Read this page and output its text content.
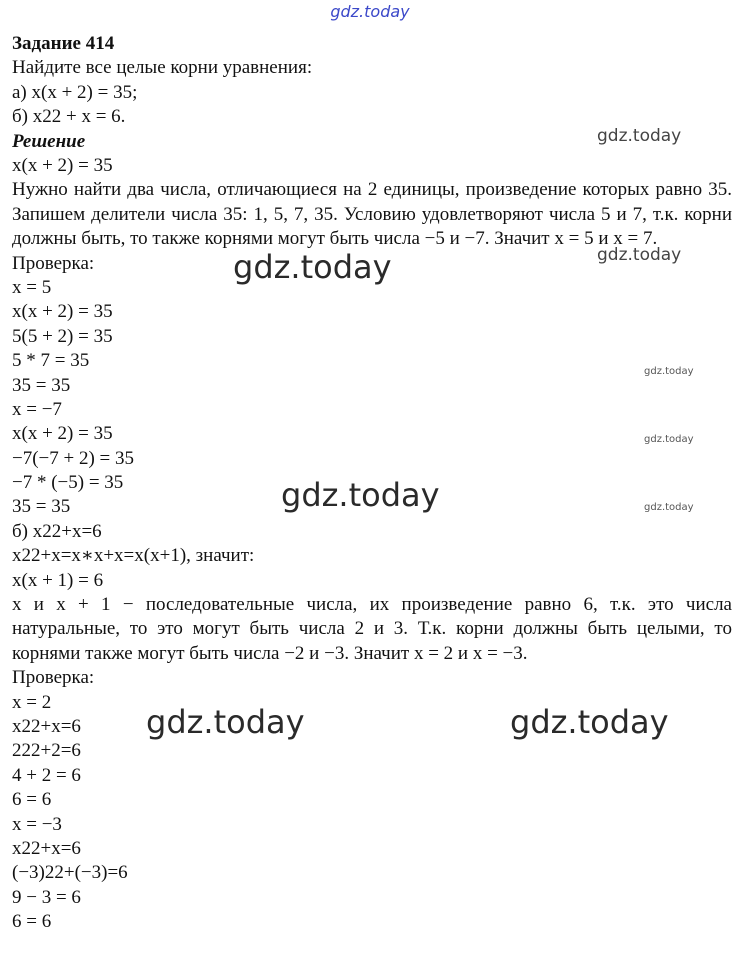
gdz.today
Задание 414
Найдите все целые корни уравнения:
а) x(x + 2) = 35;
б) x22 + x = 6.
Решение
x(x + 2) = 35
Нужно найти два числа, отличающиеся на 2 единицы, произведение которых равно 35. Запишем делители числа 35: 1, 5, 7, 35. Условию удовлетворяют числа 5 и 7, т.к. корни должны быть, то также корнями могут быть числа −5 и −7. Значит x = 5 и x = 7.
Проверка:
x = 5
x(x + 2) = 35
5(5 + 2) = 35
5 * 7 = 35
35 = 35
x = −7
x(x + 2) = 35
−7(−7 + 2) = 35
−7 * (−5) = 35
35 = 35
б) x22+x=6
x22+x=x∗x+x=x(x+1), значит:
x(x + 1) = 6
x и x + 1 − последовательные числа, их произведение равно 6, т.к. это числа натуральные, то это могут быть числа 2 и 3. Т.к. корни должны быть целыми, то корнями также могут быть числа −2 и −3. Значит x = 2 и x = −3.
Проверка:
x = 2
x22+x=6
222+2=6
4 + 2 = 6
6 = 6
x = −3
x22+x=6
(−3)22+(−3)=6
9 − 3 = 6
6 = 6
gdz.today
gdz.today	gdz.today
gdz.today
gdz.today
gdz.today	gdz.today
gdz.today	gdz.today
